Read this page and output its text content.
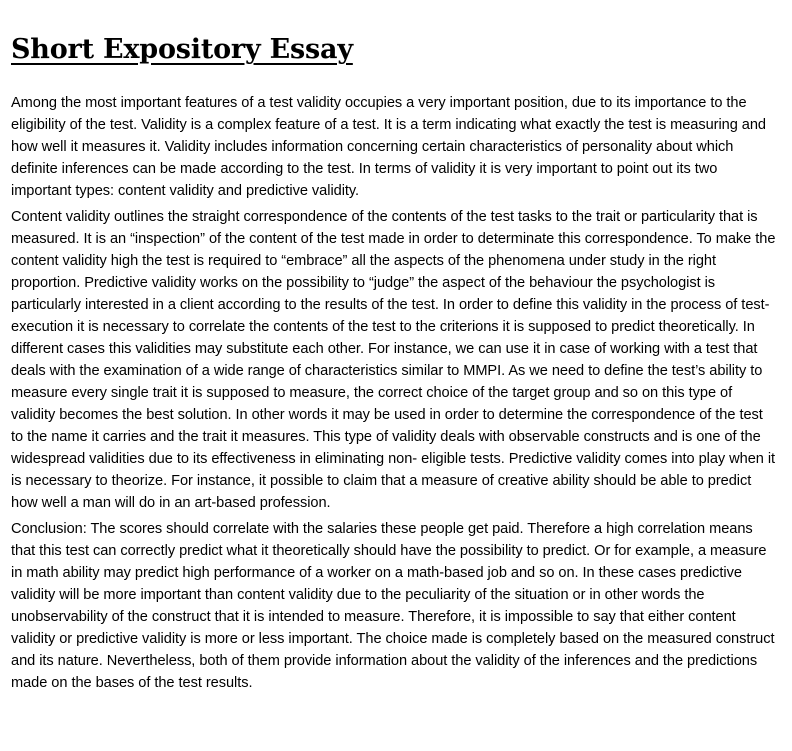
Short Expository Essay

Among the most important features of a test validity occupies a very important position, due to its importance to the eligibility of the test. Validity is a complex feature of a test. It is a term indicating what exactly the test is measuring and how well it measures it. Validity includes information concerning certain characteristics of personality about which definite inferences can be made according to the test. In terms of validity it is very important to point out its two important types: content validity and predictive validity.

Content validity outlines the straight correspondence of the contents of the test tasks to the trait or particularity that is measured. It is an “inspection” of the content of the test made in order to determinate this correspondence. To make the content validity high the test is required to “embrace” all the aspects of the phenomena under study in the right proportion. Predictive validity works on the possibility to “judge” the aspect of the behaviour the psychologist is particularly interested in a client according to the results of the test. In order to define this validity in the process of test-execution it is necessary to correlate the contents of the test to the criterions it is supposed to predict theoretically. In different cases this validities may substitute each other. For instance, we can use it in case of working with a test that deals with the examination of a wide range of characteristics similar to MMPI. As we need to define the test’s ability to measure every single trait it is supposed to measure, the correct choice of the target group and so on this type of validity becomes the best solution. In other words it may be used in order to determine the correspondence of the test to the name it carries and the trait it measures. This type of validity deals with observable constructs and is one of the widespread validities due to its effectiveness in eliminating non- eligible tests. Predictive validity comes into play when it is necessary to theorize. For instance, it possible to claim that a measure of creative ability should be able to predict how well a man will do in an art-based profession.

Conclusion: The scores should correlate with the salaries these people get paid. Therefore a high correlation means that this test can correctly predict what it theoretically should have the possibility to predict. Or for example, a measure in math ability may predict high performance of a worker on a math-based job and so on. In these cases predictive validity will be more important than content validity due to the peculiarity of the situation or in other words the unobservability of the construct that it is intended to measure. Therefore, it is impossible to say that either content validity or predictive validity is more or less important. The choice made is completely based on the measured construct and its nature. Nevertheless, both of them provide information about the validity of the inferences and the predictions made on the bases of the test results.
